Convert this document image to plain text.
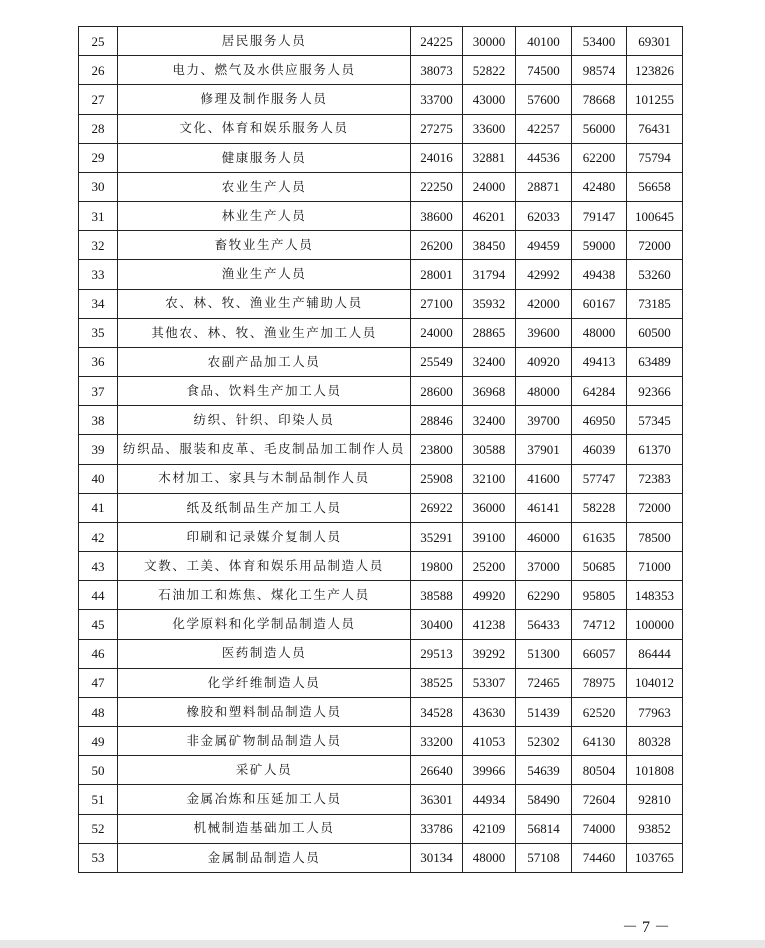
25	居民服务人员	24225	30000	40100	53400	69301
26	电力、燃气及水供应服务人员	38073	52822	74500	98574	123826
27	修理及制作服务人员	33700	43000	57600	78668	101255
28	文化、体育和娱乐服务人员	27275	33600	42257	56000	76431
29	健康服务人员	24016	32881	44536	62200	75794
30	农业生产人员	22250	24000	28871	42480	56658
31	林业生产人员	38600	46201	62033	79147	100645
32	畜牧业生产人员	26200	38450	49459	59000	72000
33	渔业生产人员	28001	31794	42992	49438	53260
34	农、林、牧、渔业生产辅助人员	27100	35932	42000	60167	73185
35	其他农、林、牧、渔业生产加工人员	24000	28865	39600	48000	60500
36	农副产品加工人员	25549	32400	40920	49413	63489
37	食品、饮料生产加工人员	28600	36968	48000	64284	92366
38	纺织、针织、印染人员	28846	32400	39700	46950	57345
39	纺织品、服装和皮革、毛皮制品加工制作人员	23800	30588	37901	46039	61370
40	木材加工、家具与木制品制作人员	25908	32100	41600	57747	72383
41	纸及纸制品生产加工人员	26922	36000	46141	58228	72000
42	印刷和记录媒介复制人员	35291	39100	46000	61635	78500
43	文教、工美、体育和娱乐用品制造人员	19800	25200	37000	50685	71000
44	石油加工和炼焦、煤化工生产人员	38588	49920	62290	95805	148353
45	化学原料和化学制品制造人员	30400	41238	56433	74712	100000
46	医药制造人员	29513	39292	51300	66057	86444
47	化学纤维制造人员	38525	53307	72465	78975	104012
48	橡胶和塑料制品制造人员	34528	43630	51439	62520	77963
49	非金属矿物制品制造人员	33200	41053	52302	64130	80328
50	采矿人员	26640	39966	54639	80504	101808
51	金属冶炼和压延加工人员	36301	44934	58490	72604	92810
52	机械制造基础加工人员	33786	42109	56814	74000	93852
53	金属制品制造人员	30134	48000	57108	74460	103765
－7－
